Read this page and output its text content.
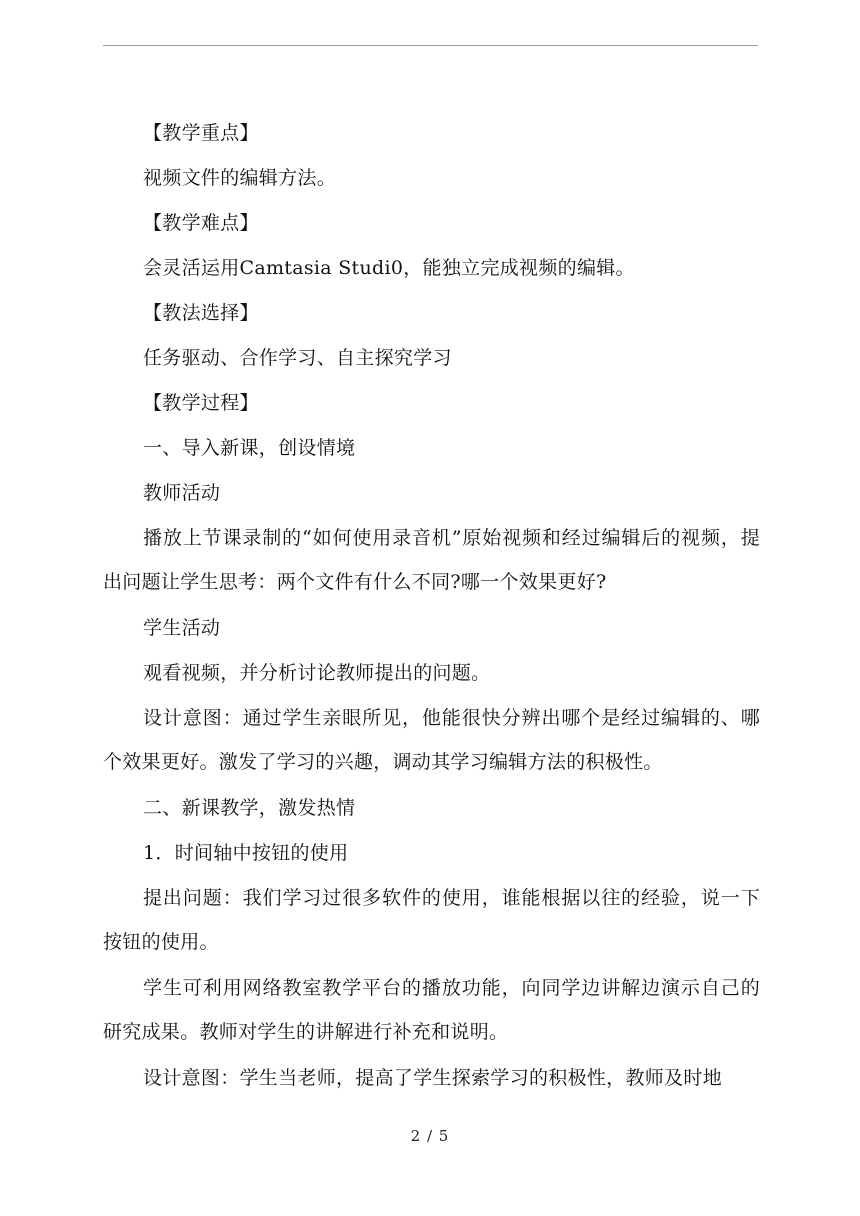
【教学重点】

视频文件的编辑方法。

【教学难点】

会灵活运用Camtasia Studi0，能独立完成视频的编辑。

【教法选择】

任务驱动、合作学习、自主探究学习

【教学过程】

一、导入新课，创设情境

教师活动

播放上节课录制的“如何使用录音机”原始视频和经过编辑后的视频，提出问题让学生思考：两个文件有什么不同?哪一个效果更好?

学生活动

观看视频，并分析讨论教师提出的问题。

设计意图：通过学生亲眼所见，他能很快分辨出哪个是经过编辑的、哪个效果更好。激发了学习的兴趣，调动其学习编辑方法的积极性。

二、新课教学，激发热情

1．时间轴中按钮的使用

提出问题：我们学习过很多软件的使用，谁能根据以往的经验，说一下按钮的使用。

学生可利用网络教室教学平台的播放功能，向同学边讲解边演示自己的研究成果。教师对学生的讲解进行补充和说明。

设计意图：学生当老师，提高了学生探索学习的积极性，教师及时地

2 / 5
